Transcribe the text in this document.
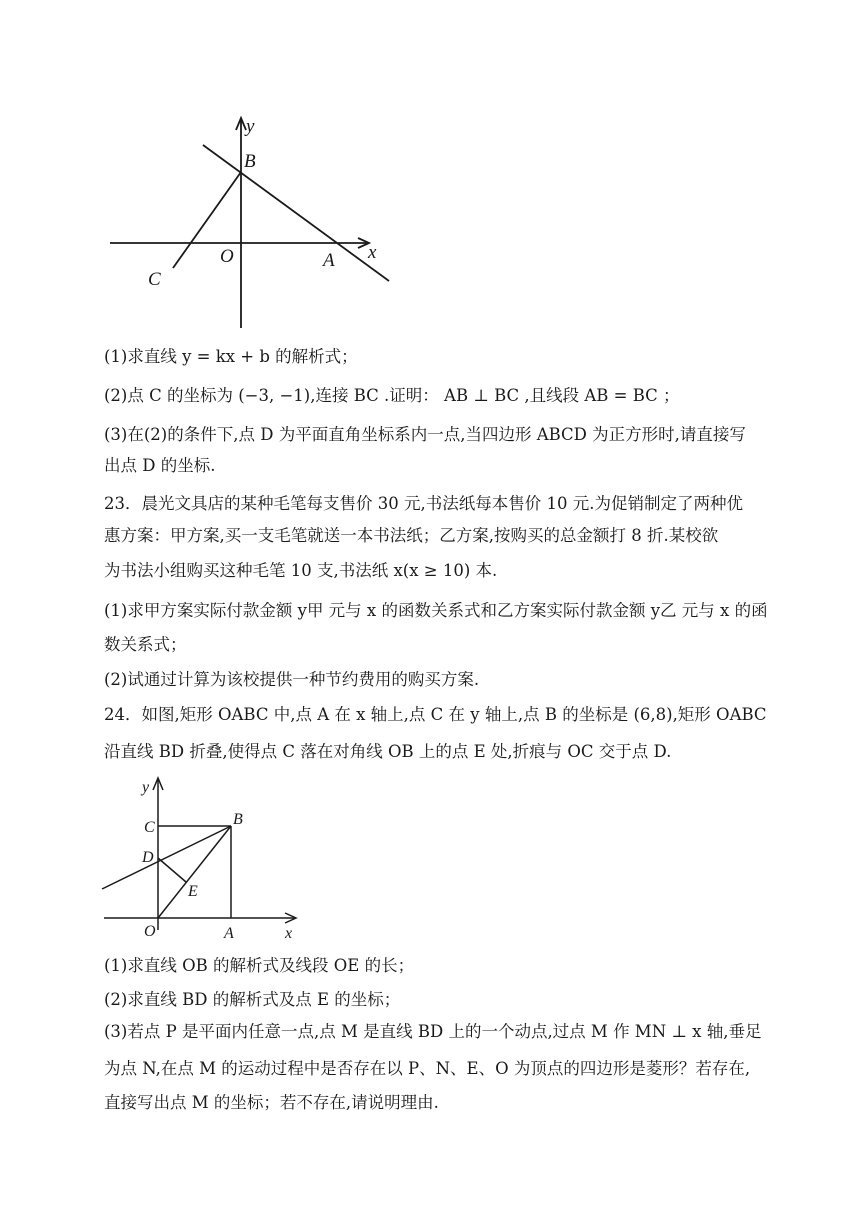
y
B
O	A x
C
(1)求直线 y = kx + b 的解析式；
(2)点 C 的坐标为 (−3, −1),连接 BC .证明： AB ⊥ BC ,且线段 AB = BC ；
(3)在(2)的条件下,点 D 为平面直角坐标系内一点,当四边形 ABCD 为正方形时,请直接写
出点 D 的坐标.
23．晨光文具店的某种毛笔每支售价 30 元,书法纸每本售价 10 元.为促销制定了两种优
惠方案：甲方案,买一支毛笔就送一本书法纸；乙方案,按购买的总金额打 8 折.某校欲
为书法小组购买这种毛笔 10 支,书法纸 x(x ≥ 10) 本.
(1)求甲方案实际付款金额 y甲 元与 x 的函数关系式和乙方案实际付款金额 y乙 元与 x 的函
数关系式；
(2)试通过计算为该校提供一种节约费用的购买方案.
24．如图,矩形 OABC 中,点 A 在 x 轴上,点 C 在 y 轴上,点 B 的坐标是 (6,8),矩形 OABC
沿直线 BD 折叠,使得点 C 落在对角线 OB 上的点 E 处,折痕与 OC 交于点 D.
y
C	B
D
E
O	A	x
(1)求直线 OB 的解析式及线段 OE 的长；
(2)求直线 BD 的解析式及点 E 的坐标；
(3)若点 P 是平面内任意一点,点 M 是直线 BD 上的一个动点,过点 M 作 MN ⊥ x 轴,垂足
为点 N,在点 M 的运动过程中是否存在以 P、N、E、O 为顶点的四边形是菱形？若存在,
直接写出点 M 的坐标；若不存在,请说明理由.
